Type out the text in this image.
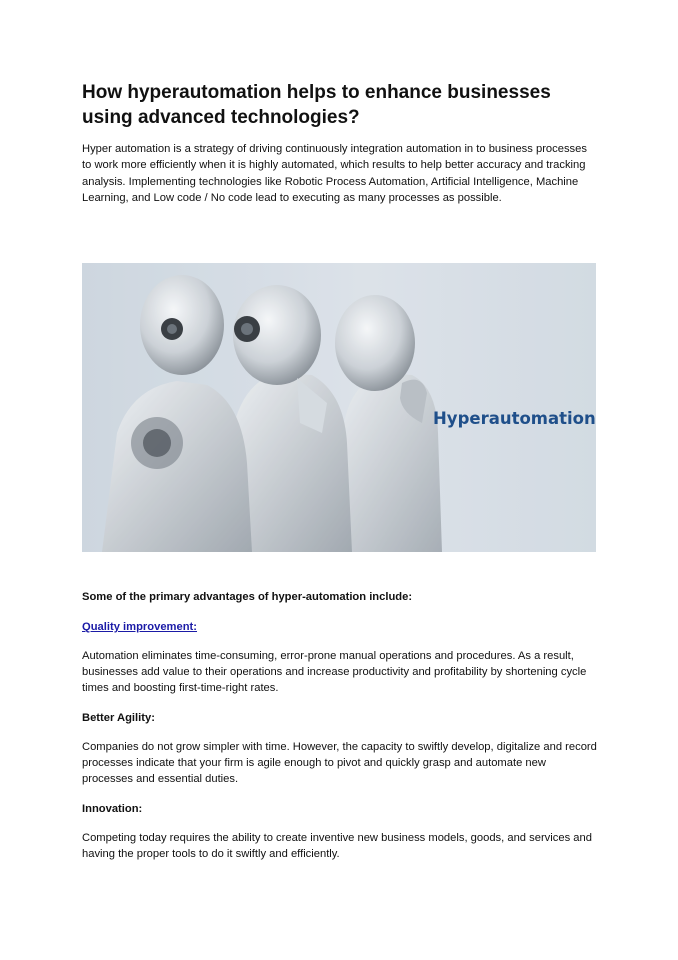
How hyperautomation helps to enhance businesses using advanced technologies?
Hyper automation is a strategy of driving continuously integration automation in to business processes to work more efficiently when it is highly automated, which results to help better accuracy and tracking analysis. Implementing technologies like Robotic Process Automation, Artificial Intelligence, Machine Learning, and Low code / No code lead to executing as many processes as possible.
Hyperautomation
Some of the primary advantages of hyper-automation include:
Quality improvement:
Automation eliminates time-consuming, error-prone manual operations and procedures. As a result, businesses add value to their operations and increase productivity and profitability by shortening cycle times and boosting first-time-right rates.
Better Agility:
Companies do not grow simpler with time. However, the capacity to swiftly develop, digitalize and record processes indicate that your firm is agile enough to pivot and quickly grasp and automate new processes and essential duties.
Innovation:
Competing today requires the ability to create inventive new business models, goods, and services and having the proper tools to do it swiftly and efficiently.
